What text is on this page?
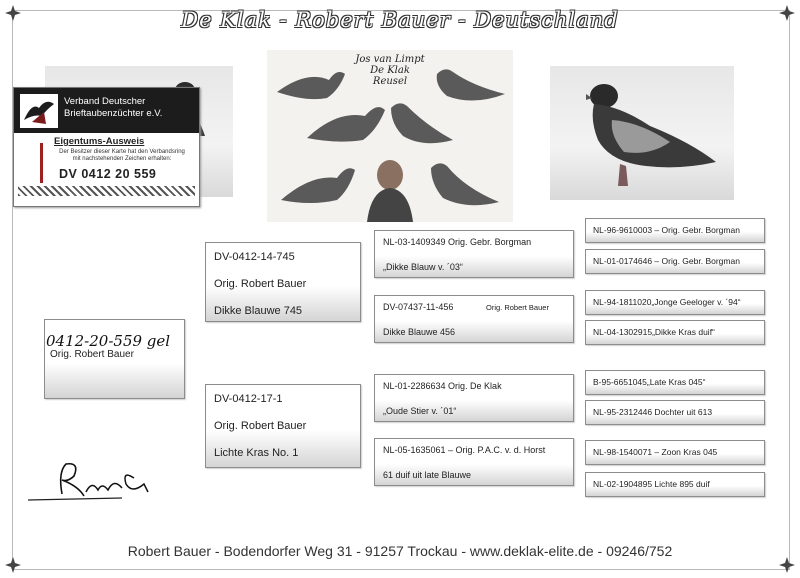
De Klak - Robert Bauer - Deutschland
Verband Deutscher
Brieftaubenzüchter e.V.
Eigentums-Ausweis
Der Besitzer dieser Karte hat den Verbandsring
mit nachstehenden Zeichen erhalten:
DV 0412 20 559
Jos van Limpt
De Klak
Reusel
0412-20-559 gel
Orig. Robert Bauer
DV-0412-14-745
Orig. Robert Bauer
Dikke Blauwe 745
DV-0412-17-1
Orig. Robert Bauer
Lichte Kras No. 1
NL-03-1409349 Orig. Gebr. Borgman
„Dikke Blauw v. ´03“
DV-07437-11-456	Orig. Robert Bauer
Dikke Blauwe 456
NL-01-2286634 Orig. De Klak
„Oude Stier v. ´01“
NL-05-1635061 – Orig. P.A.C. v. d. Horst
61 duif uit late Blauwe
NL-96-9610003 – Orig. Gebr. Borgman
NL-01-0174646 – Orig. Gebr. Borgman
NL-94-1811020„Jonge Geeloger v. ´94“
NL-04-1302915„Dikke Kras duif“
B-95-6651045„Late Kras 045“
NL-95-2312446 Dochter uit 613
NL-98-1540071 – Zoon Kras 045
NL-02-1904895 Lichte 895 duif
Robert Bauer - Bodendorfer Weg 31 - 91257 Trockau - www.deklak-elite.de - 09246/752
